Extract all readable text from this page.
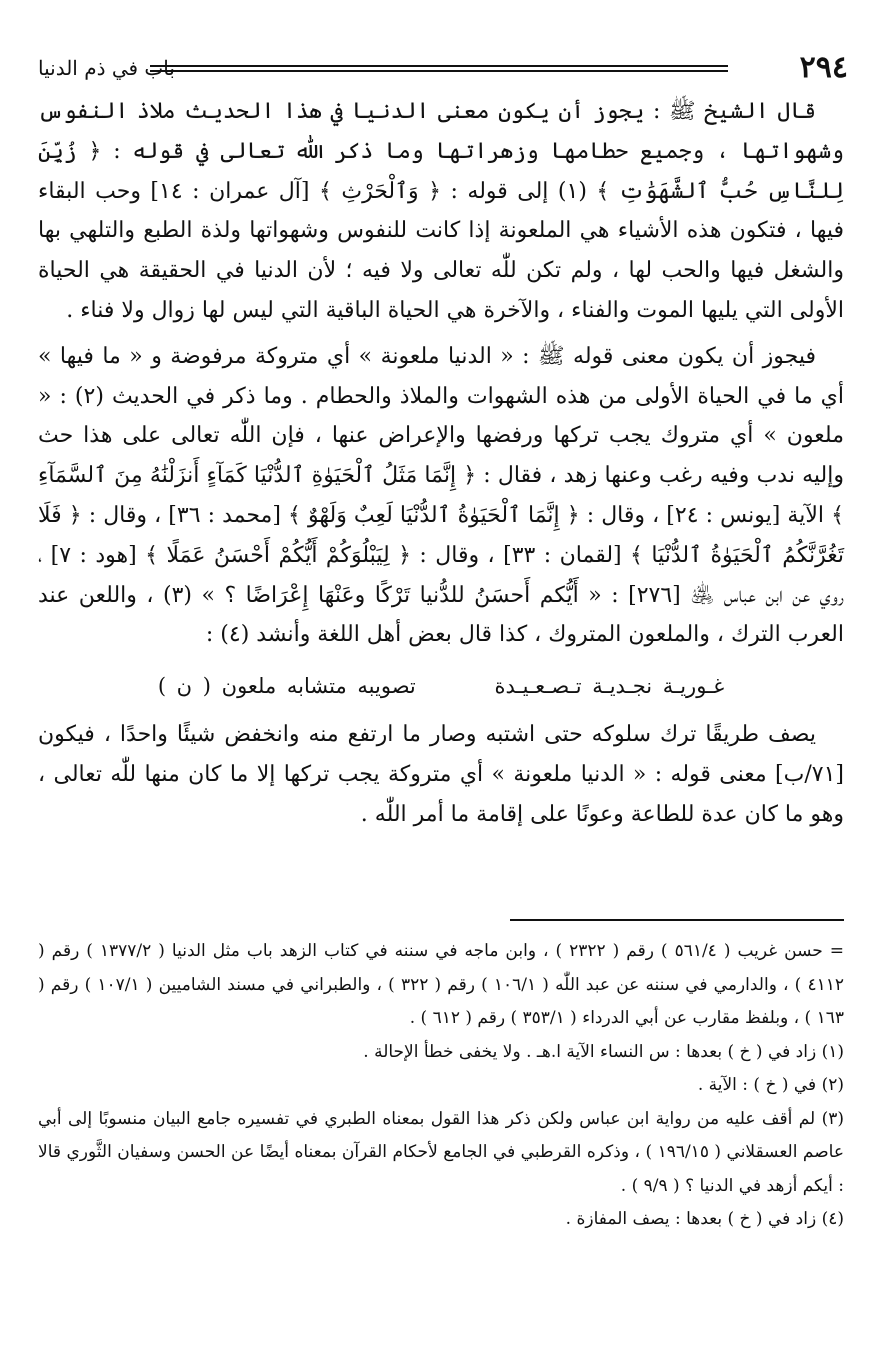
٢٩٤
باب في ذم الدنيا

قال الشيخ ﷺ : يجوز أن يكون معنى الدنيا في هذا الحديث ملاذ النفوس وشهواتها ، وجميع حطامها وزهراتها وما ذكر اللّٰه تعالى في قوله : ﴿ زُيِّنَ لِلنَّاسِ حُبُّ ٱلشَّهَوَٰتِ ﴾ (١) إلى قوله : ﴿ وَٱلْحَرْثِ ﴾ [آل عمران : ١٤] وحب البقاء فيها ، فتكون هذه الأشياء هي الملعونة إذا كانت للنفوس وشهواتها ولذة الطبع والتلهي بها والشغل فيها والحب لها ، ولم تكن للّٰه تعالى ولا فيه ؛ لأن الدنيا في الحقيقة هي الحياة الأولى التي يليها الموت والفناء ، والآخرة هي الحياة الباقية التي ليس لها زوال ولا فناء .

فيجوز أن يكون معنى قوله ﷺ : « الدنيا ملعونة » أي متروكة مرفوضة و « ما فيها » أي ما في الحياة الأولى من هذه الشهوات والملاذ والحطام . وما ذكر في الحديث (٢) : « ملعون » أي متروك يجب تركها ورفضها والإعراض عنها ، فإن اللّٰه تعالى على هذا حث وإليه ندب وفيه رغب وعنها زهد ، فقال : ﴿ إِنَّمَا مَثَلُ ٱلْحَيَوٰةِ ٱلدُّنْيَا كَمَآءٍ أَنزَلْنَٰهُ مِنَ ٱلسَّمَآءِ ﴾ الآية [يونس : ٢٤] ، وقال : ﴿ إِنَّمَا ٱلْحَيَوٰةُ ٱلدُّنْيَا لَعِبٌ وَلَهْوٌ ﴾ [محمد : ٣٦] ، وقال : ﴿ فَلَا تَغُرَّنَّكُمُ ٱلْحَيَوٰةُ ٱلدُّنْيَا ﴾ [لقمان : ٣٣] ، وقال : ﴿ لِيَبْلُوَكُمْ أَيُّكُمْ أَحْسَنُ عَمَلًا ﴾ [هود : ٧] ، روي عن ابن عباس ﵁ [٢٧٦] : « أَيُّكم أَحسَنُ للدُّنيا تَرْكًا وعَنْهَا إِعْرَاضًا ؟ » (٣) ، واللعن عند العرب الترك ، والملعون المتروك ، كذا قال بعض أهل اللغة وأنشد (٤) :

غـوريـة نجـديـة تـصـعـيـدة تصويبه متشابه ملعون ( ن )

يصف طريقًا ترك سلوكه حتى اشتبه وصار ما ارتفع منه وانخفض شيئًا واحدًا ، فيكون [٧١/ب] معنى قوله : « الدنيا ملعونة » أي متروكة يجب تركها إلا ما كان منها للّٰه تعالى ، وهو ما كان عدة للطاعة وعونًا على إقامة ما أمر اللّٰه .

= حسن غريب ( ٥٦١/٤ ) رقم ( ٢٣٢٢ ) ، وابن ماجه في سننه في كتاب الزهد باب مثل الدنيا ( ١٣٧٧/٢ ) رقم ( ٤١١٢ ) ، والدارمي في سننه عن عبد اللّٰه ( ١٠٦/١ ) رقم ( ٣٢٢ ) ، والطبراني في مسند الشاميين ( ١٠٧/١ ) رقم ( ١٦٣ ) ، وبلفظ مقارب عن أبي الدرداء ( ٣٥٣/١ ) رقم ( ٦١٢ ) .

(١) زاد في ( خ ) بعدها : س النساء الآية ا.هـ . ولا يخفى خطأ الإحالة .

(٢) في ( خ ) : الآية .

(٣) لم أقف عليه من رواية ابن عباس ولكن ذكر هذا القول بمعناه الطبري في تفسيره جامع البيان منسوبًا إلى أبي عاصم العسقلاني ( ١٩٦/١٥ ) ، وذكره القرطبي في الجامع لأحكام القرآن بمعناه أيضًا عن الحسن وسفيان الثَّوري قالا : أيكم أزهد في الدنيا ؟ ( ٩/٩ ) .

(٤) زاد في ( خ ) بعدها : يصف المفازة .
